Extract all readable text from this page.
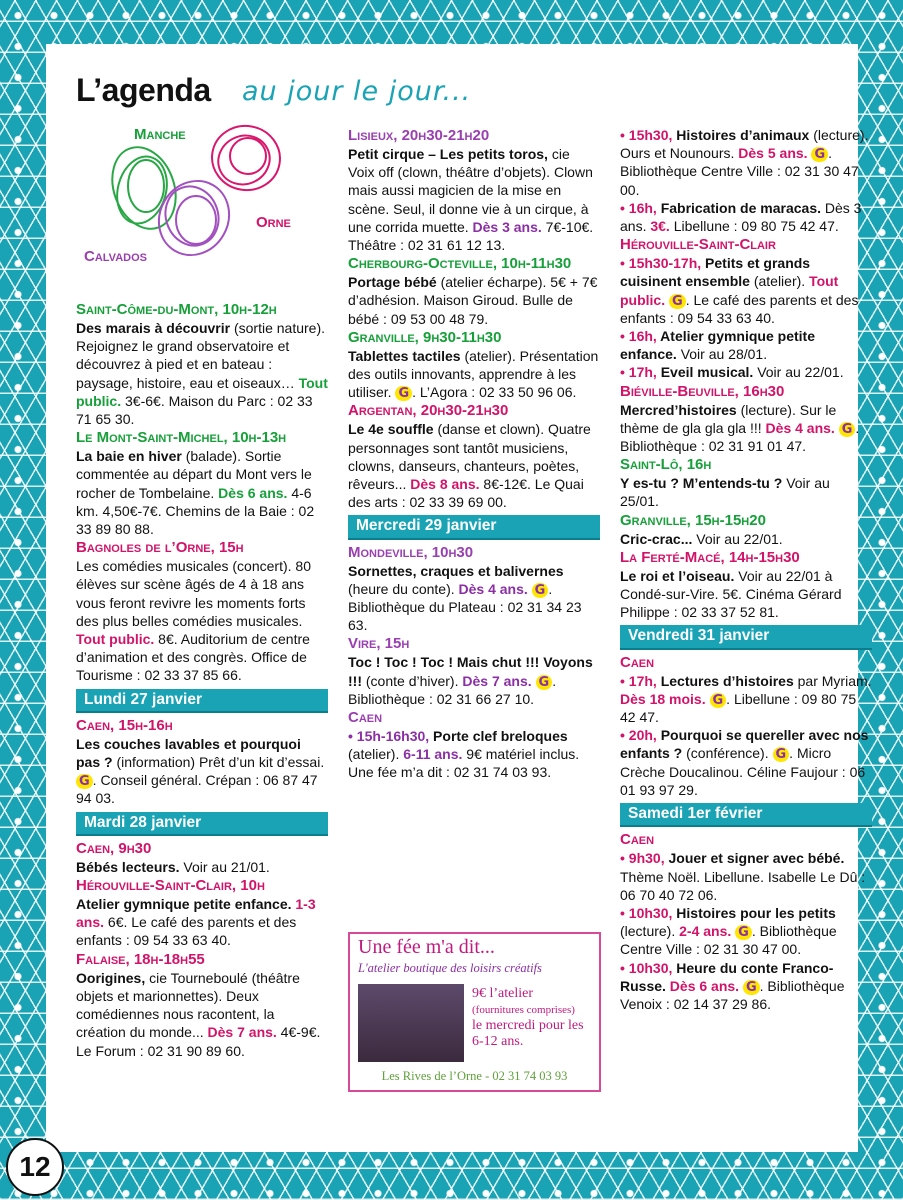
L’agenda au jour le jour...
Manche
Orne
Calvados
Saint-Côme-du-Mont, 10h-12h
Des marais à découvrir (sortie nature). Rejoignez le grand observatoire et découvrez à pied et en bateau : paysage, histoire, eau et oiseaux… Tout public. 3€-6€. Maison du Parc : 02 33 71 65 30.
Le Mont-Saint-Michel, 10h-13h
La baie en hiver (balade). Sortie commentée au départ du Mont vers le rocher de Tombelaine. Dès 6 ans. 4-6 km. 4,50€-7€. Chemins de la Baie : 02 33 89 80 88.
Bagnoles de l’Orne, 15h
Les comédies musicales (concert). 80 élèves sur scène âgés de 4 à 18 ans vous feront revivre les moments forts des plus belles comédies musicales. Tout public. 8€. Auditorium de centre d’animation et des congrès. Office de Tourisme : 02 33 37 85 66.
Lundi 27 janvier
Caen, 15h-16h
Les couches lavables et pourquoi pas ? (information) Prêt d’un kit d’essai. G . Conseil général. Crépan : 06 87 47 94 03.
Mardi 28 janvier
Caen, 9h30
Bébés lecteurs. Voir au 21/01.
Hérouville-Saint-Clair, 10h
Atelier gymnique petite enfance. 1-3 ans. 6€. Le café des parents et des enfants : 09 54 33 63 40.
Falaise, 18h-18h55
Oorigines, cie Tourneboulé (théâtre objets et marionnettes). Deux comédiennes nous racontent, la création du monde... Dès 7 ans. 4€-9€. Le Forum : 02 31 90 89 60.
Lisieux, 20h30-21h20
Petit cirque – Les petits toros, cie Voix off (clown, théâtre d’objets). Clown mais aussi magicien de la mise en scène. Seul, il donne vie à un cirque, à une corrida muette. Dès 3 ans. 7€-10€. Théâtre : 02 31 61 12 13.
Cherbourg-Octeville, 10h-11h30
Portage bébé (atelier écharpe). 5€ + 7€ d’adhésion. Maison Giroud. Bulle de bébé : 09 53 00 48 79.
Granville, 9h30-11h30
Tablettes tactiles (atelier). Présentation des outils innovants, apprendre à les utiliser. G . L’Agora : 02 33 50 96 06.
Argentan, 20h30-21h30
Le 4e souffle (danse et clown). Quatre personnages sont tantôt musiciens, clowns, danseurs, chanteurs, poètes, rêveurs... Dès 8 ans. 8€-12€. Le Quai des arts : 02 33 39 69 00.
Mercredi 29 janvier
Mondeville, 10h30
Sornettes, craques et balivernes (heure du conte). Dès 4 ans. G . Bibliothèque du Plateau : 02 31 34 23 63.
Vire, 15h
Toc ! Toc ! Toc ! Mais chut !!! Voyons !!! (conte d’hiver). Dès 7 ans. G . Bibliothèque : 02 31 66 27 10.
Caen
• 15h-16h30, Porte clef breloques (atelier). 6-11 ans. 9€ matériel inclus. Une fée m’a dit : 02 31 74 03 93.
Une fée m'a dit...
L'atelier boutique des loisirs créatifs
9€ l’atelier
(fournitures comprises)
le mercredi pour les 6-12 ans.
Les Rives de l’Orne - 02 31 74 03 93
• 15h30, Histoires d’animaux (lecture). Ours et Nounours. Dès 5 ans. G . Bibliothèque Centre Ville : 02 31 30 47 00.
• 16h, Fabrication de maracas. Dès 3 ans. 3€. Libellune : 09 80 75 42 47.
Hérouville-Saint-Clair
• 15h30-17h, Petits et grands cuisinent ensemble (atelier). Tout public. G . Le café des parents et des enfants : 09 54 33 63 40.
• 16h, Atelier gymnique petite enfance. Voir au 28/01.
• 17h, Eveil musical. Voir au 22/01.
Biéville-Beuville, 16h30
Mercred’histoires (lecture). Sur le thème de gla gla gla !!! Dès 4 ans. G . Bibliothèque : 02 31 91 01 47.
Saint-Lô, 16h
Y es-tu ? M’entends-tu ? Voir au 25/01.
Granville, 15h-15h20
Cric-crac... Voir au 22/01.
La Ferté-Macé, 14h-15h30
Le roi et l’oiseau. Voir au 22/01 à Condé-sur-Vire. 5€. Cinéma Gérard Philippe : 02 33 37 52 81.
Vendredi 31 janvier
Caen
• 17h, Lectures d’histoires par Myriam. Dès 18 mois. G . Libellune : 09 80 75 42 47.
• 20h, Pourquoi se quereller avec nos enfants ? (conférence). G . Micro Crèche Doucalinou. Céline Faujour : 06 01 93 97 29.
Samedi 1er février
Caen
• 9h30, Jouer et signer avec bébé. Thème Noël. Libellune. Isabelle Le Dû : 06 70 40 72 06.
• 10h30, Histoires pour les petits (lecture). 2-4 ans. G . Bibliothèque Centre Ville : 02 31 30 47 00.
• 10h30, Heure du conte Franco-Russe. Dès 6 ans. G . Bibliothèque Venoix : 02 14 37 29 86.
12
